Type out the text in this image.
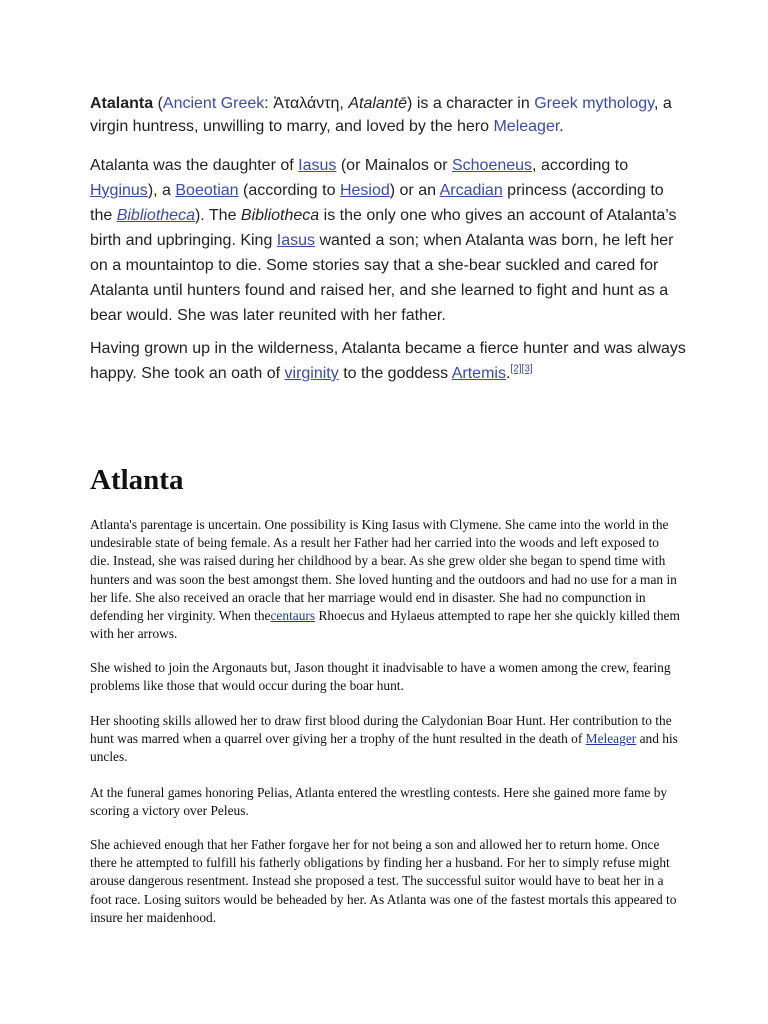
Atalanta (Ancient Greek: Ἀταλάντη, Atalantē) is a character in Greek mythology, a virgin huntress, unwilling to marry, and loved by the hero Meleager.

Atalanta was the daughter of Iasus (or Mainalos or Schoeneus, according to Hyginus), a Boeotian (according to Hesiod) or an Arcadian princess (according to the Bibliotheca). The Bibliotheca is the only one who gives an account of Atalanta’s birth and upbringing. King Iasus wanted a son; when Atalanta was born, he left her on a mountaintop to die. Some stories say that a she-bear suckled and cared for Atalanta until hunters found and raised her, and she learned to fight and hunt as a bear would. She was later reunited with her father.

Having grown up in the wilderness, Atalanta became a fierce hunter and was always happy. She took an oath of virginity to the goddess Artemis.[2][3]

Atlanta

Atlanta's parentage is uncertain. One possibility is King Iasus with Clymene. She came into the world in the undesirable state of being female. As a result her Father had her carried into the woods and left exposed to die. Instead, she was raised during her childhood by a bear. As she grew older she began to spend time with hunters and was soon the best amongst them. She loved hunting and the outdoors and had no use for a man in her life. She also received an oracle that her marriage would end in disaster. She had no compunction in defending her virginity. When thecentaurs Rhoecus and Hylaeus attempted to rape her she quickly killed them with her arrows.

She wished to join the Argonauts but, Jason thought it inadvisable to have a women among the crew, fearing problems like those that would occur during the boar hunt.

Her shooting skills allowed her to draw first blood during the Calydonian Boar Hunt. Her contribution to the hunt was marred when a quarrel over giving her a trophy of the hunt resulted in the death of Meleager and his uncles.

At the funeral games honoring Pelias, Atlanta entered the wrestling contests. Here she gained more fame by scoring a victory over Peleus.

She achieved enough that her Father forgave her for not being a son and allowed her to return home. Once there he attempted to fulfill his fatherly obligations by finding her a husband. For her to simply refuse might arouse dangerous resentment. Instead she proposed a test. The successful suitor would have to beat her in a foot race. Losing suitors would be beheaded by her. As Atlanta was one of the fastest mortals this appeared to insure her maidenhood.
